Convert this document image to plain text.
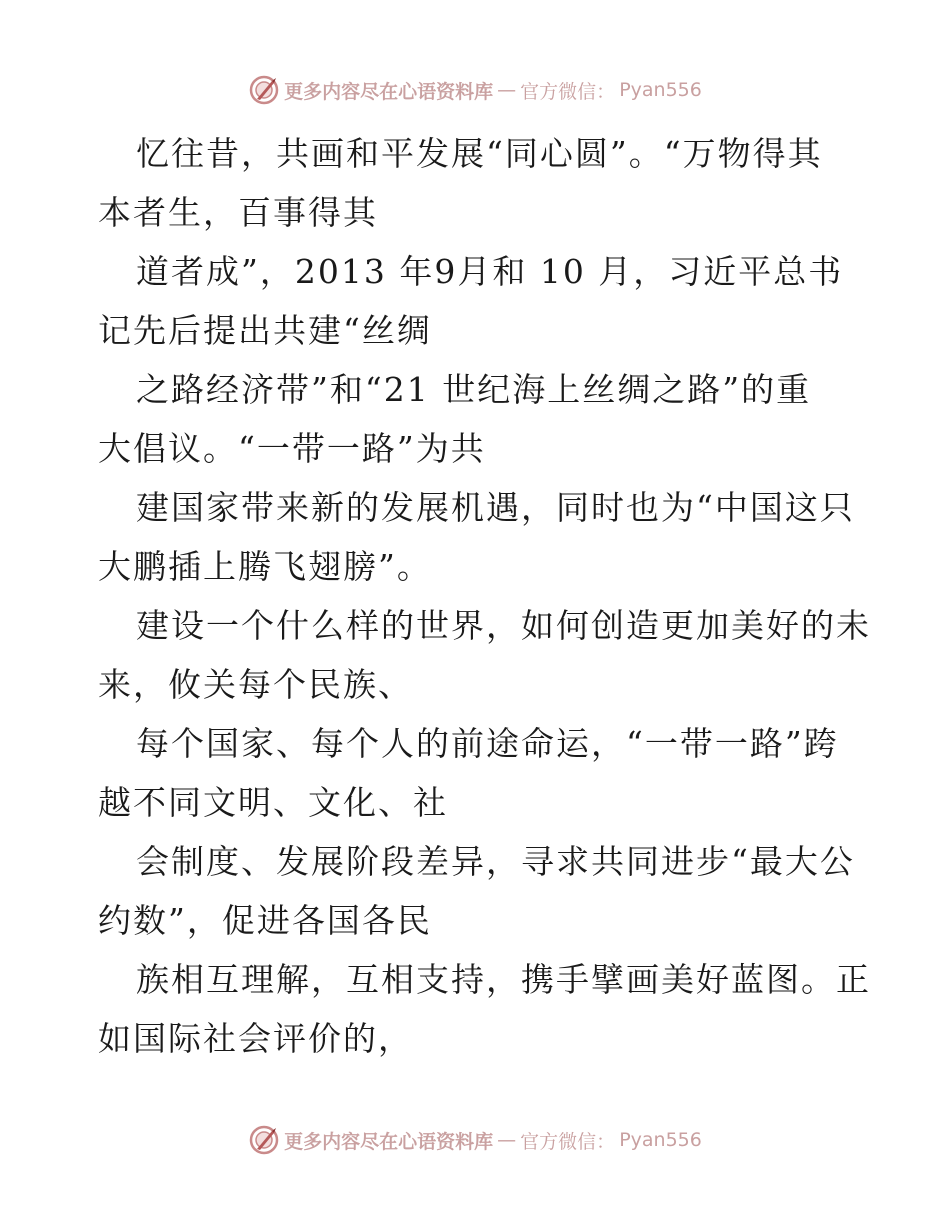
更多内容尽在心语资料库 — 官方微信： Pyan556

忆往昔，共画和平发展“同心圆”。“万物得其
本者生，百事得其

道者成”，2013 年9月和 10 月，习近平总书
记先后提出共建“丝绸

之路经济带”和“21 世纪海上丝绸之路”的重
大倡议。“一带一路”为共

建国家带来新的发展机遇，同时也为“中国这只
大鹏插上腾飞翅膀”。

建设一个什么样的世界，如何创造更加美好的未
来，攸关每个民族、

每个国家、每个人的前途命运，“一带一路”跨
越不同文明、文化、社

会制度、发展阶段差异，寻求共同进步“最大公
约数”，促进各国各民

族相互理解，互相支持，携手擘画美好蓝图。正
如国际社会评价的，

更多内容尽在心语资料库 — 官方微信： Pyan556
